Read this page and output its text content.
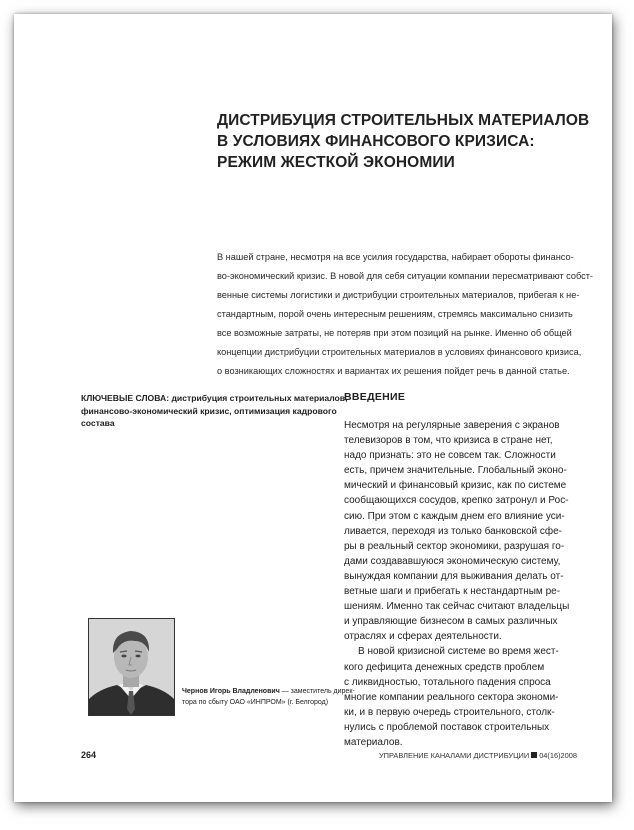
ДИСТРИБУЦИЯ СТРОИТЕЛЬНЫХ МАТЕРИАЛОВ
В УСЛОВИЯХ ФИНАНСОВОГО КРИЗИСА:
РЕЖИМ ЖЕСТКОЙ ЭКОНОМИИ
В нашей стране, несмотря на все усилия государства, набирает обороты финансо-
во-экономический кризис. В новой для себя ситуации компании пересматривают собст-
венные системы логистики и дистрибуции строительных материалов, прибегая к не-
стандартным, порой очень интересным решениям, стремясь максимально снизить
все возможные затраты, не потеряв при этом позиций на рынке. Именно об общей
концепции дистрибуции строительных материалов в условиях финансового кризиса,
о возникающих сложностях и вариантах их решения пойдет речь в данной статье.
КЛЮЧЕВЫЕ СЛОВА: дистрибуция строительных материалов,
финансово-экономический кризис, оптимизация кадрового
состава
ВВЕДЕНИЕ
Несмотря на регулярные заверения с экранов
телевизоров в том, что кризиса в стране нет,
надо признать: это не совсем так. Сложности
есть, причем значительные. Глобальный эконо-
мический и финансовый кризис, как по системе
сообщающихся сосудов, крепко затронул и Рос-
сию. При этом с каждым днем его влияние уси-
ливается, переходя из только банковской сфе-
ры в реальный сектор экономики, разрушая го-
дами создававшуюся экономическую систему,
вынуждая компании для выживания делать от-
ветные шаги и прибегать к нестандартным ре-
шениям. Именно так сейчас считают владельцы
и управляющие бизнесом в самых различных
отраслях и сферах деятельности.
В новой кризисной системе во время жест-
кого дефицита денежных средств проблем
с ликвидностью, тотального падения спроса
многие компании реального сектора экономи-
ки, и в первую очередь строительного, столк-
нулись с проблемой поставок строительных
материалов.
Чернов Игорь Владленович — заместитель дирек-
тора по сбыту ОАО «ИНПРОМ» (г. Белгород)
264	УПРАВЛЕНИЕ КАНАЛАМИ ДИСТРИБУЦИИ 04(16)2008
